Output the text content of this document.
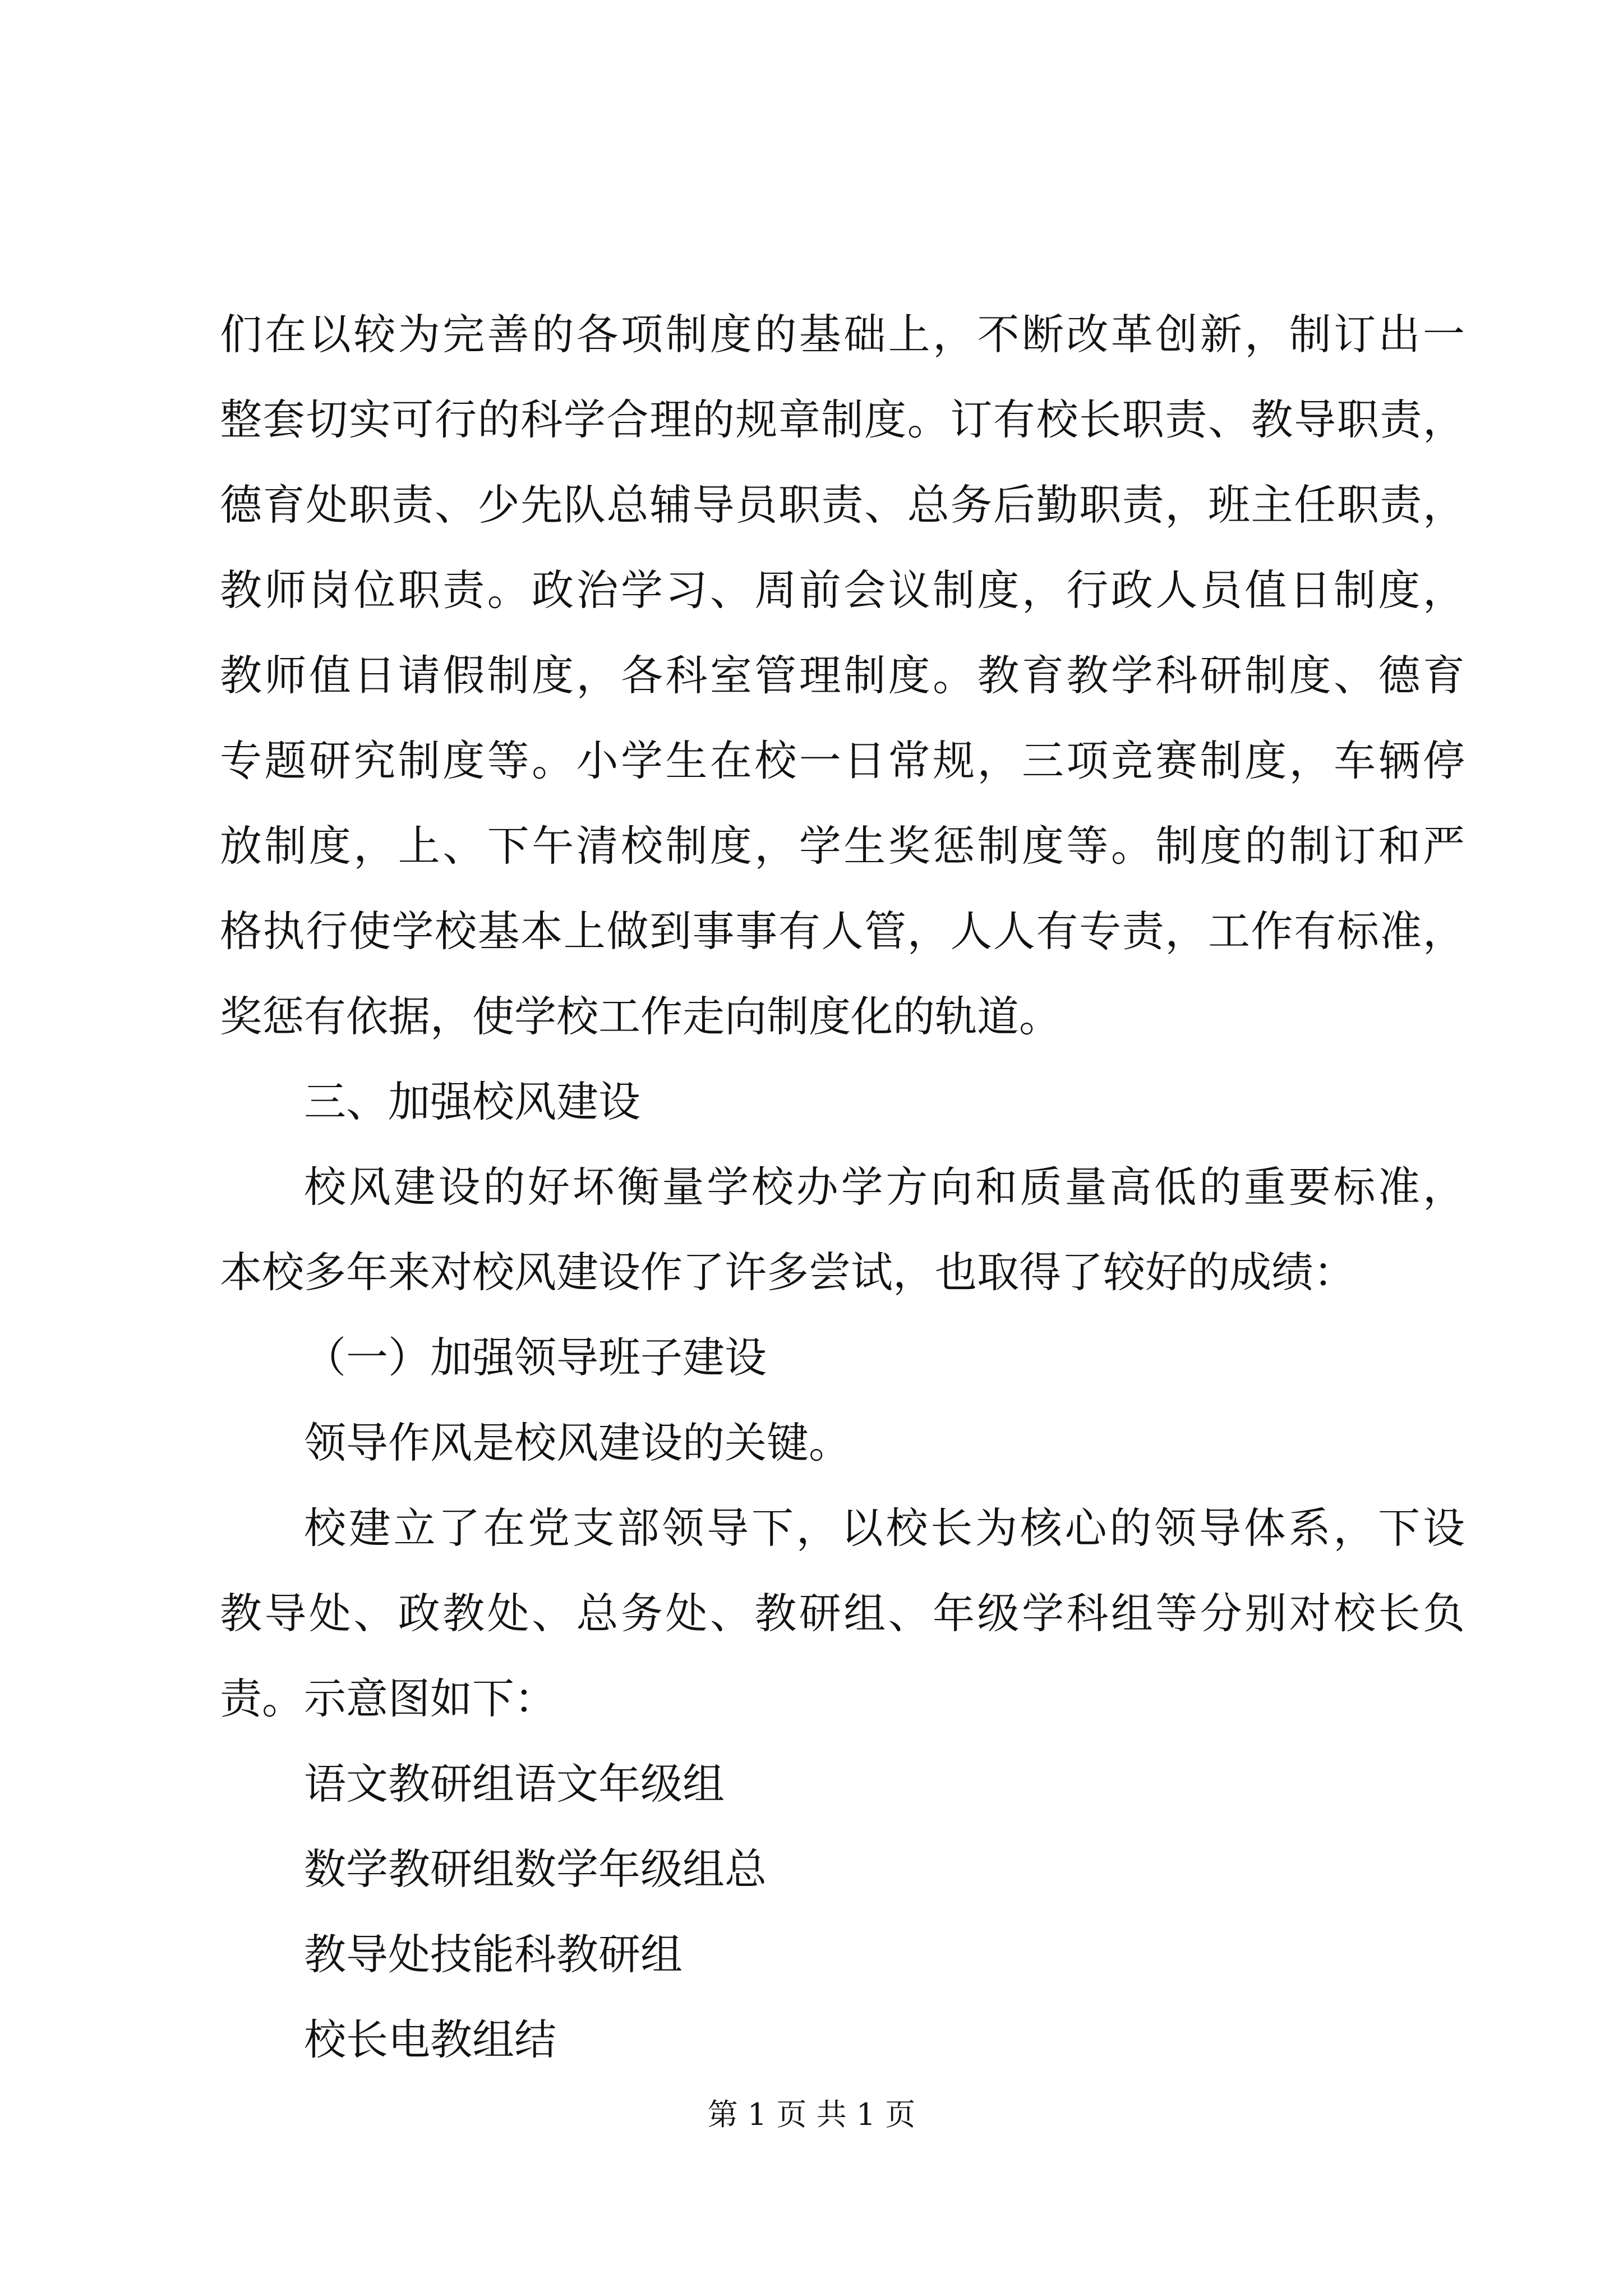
们在以较为完善的各项制度的基础上，不断改革创新，制订出一
整套切实可行的科学合理的规章制度。订有校长职责、教导职责，
德育处职责、少先队总辅导员职责、总务后勤职责，班主任职责，
教师岗位职责。政治学习、周前会议制度，行政人员值日制度，
教师值日请假制度，各科室管理制度。教育教学科研制度、德育
专题研究制度等。小学生在校一日常规，三项竞赛制度，车辆停
放制度，上、下午清校制度，学生奖惩制度等。制度的制订和严
格执行使学校基本上做到事事有人管，人人有专责，工作有标准，
奖惩有依据，使学校工作走向制度化的轨道。
三、加强校风建设
校风建设的好坏衡量学校办学方向和质量高低的重要标准，
本校多年来对校风建设作了许多尝试，也取得了较好的成绩：
（一）加强领导班子建设
领导作风是校风建设的关键。
校建立了在党支部领导下，以校长为核心的领导体系，下设
教导处、政教处、总务处、教研组、年级学科组等分别对校长负
责。示意图如下：
语文教研组语文年级组
数学教研组数学年级组总
教导处技能科教研组
校长电教组结
第 1 页 共 1 页
